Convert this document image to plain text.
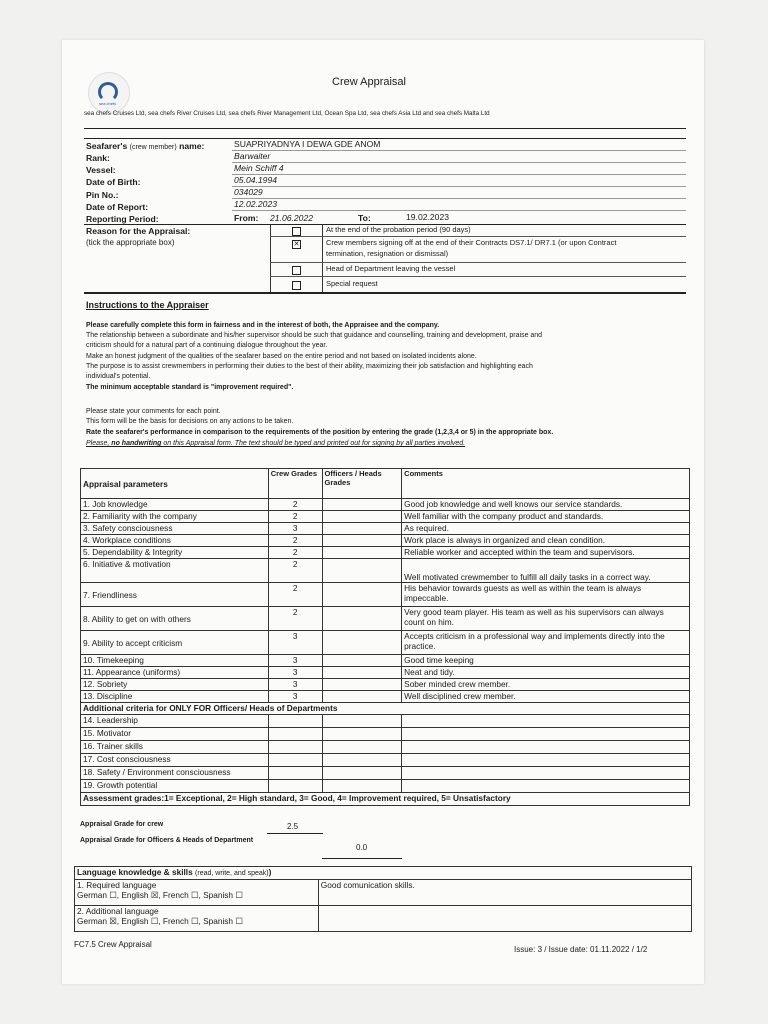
sea chefs
Crew Appraisal
sea chefs Cruises Ltd, sea chefs River Cruises Ltd, sea chefs River Management Ltd, Ocean Spa Ltd, sea chefs Asia Ltd and sea chefs Malta Ltd
Seafarer's (crew member) name:	SUAPRIYADNYA I DEWA GDE ANOM
Rank:	Barwaiter
Vessel:	Mein Schiff 4
Date of Birth:	05.04.1994
Pin No.:	034029
Date of Report:	12.02.2023
Reporting Period:	From: 21.06.2022	To:	19.02.2023
Reason for the Appraisal:
(tick the appropriate box)
At the end of the probation period (90 days)
✕	Crew members signing off at the end of their Contracts DS7.1/ DR7.1 (or upon Contract
termination, resignation or dismissal)
Head of Department leaving the vessel
Special request
Instructions to the Appraiser
Please carefully complete this form in fairness and in the interest of both, the Appraisee and the company.
The relationship between a subordinate and his/her supervisor should be such that guidance and counselling, training and development, praise and
criticism should for a natural part of a continuing dialogue throughout the year.
Make an honest judgment of the qualities of the seafarer based on the entire period and not based on isolated incidents alone.
The purpose is to assist crewmembers in performing their duties to the best of their ability, maximizing their job satisfaction and highlighting each
individual's potential.
The minimum acceptable standard is "improvement required".
Please state your comments for each point.
This form will be the basis for decisions on any actions to be taken.
Rate the seafarer's performance in comparison to the requirements of the position by entering the grade (1,2,3,4 or 5) in the appropriate box.
Please, no handwriting on this Appraisal form. The text should be typed and printed out for signing by all parties involved.
Appraisal parameters	Crew Grades	Officers / Heads Grades	Comments
1. Job knowledge	2		Good job knowledge and well knows our service standards.
2. Familiarity with the company	2		Well familiar with the company product and standards.
3. Safety consciousness	3		As required.
4. Workplace conditions	2		Work place is always in organized and clean condition.
5. Dependability & Integrity	2		Reliable worker and accepted within the team and supervisors.
6. Initiative & motivation	2		Well motivated crewmember to fulfill all daily tasks in a correct way.
7. Friendliness	2		His behavior towards guests as well as within the team is always
impeccable.

8. Ability to get on with others	2		Very good team player. His team as well as his supervisors can always
count on him.

9. Ability to accept criticism	3		Accepts criticism in a professional way and implements directly into the
practice.

10. Timekeeping	3		Good time keeping
11. Appearance (uniforms)	3		Neat and tidy.
12. Sobriety	3		Sober minded crew member.
13. Discipline	3		Well disciplined crew member.
Additional criteria for ONLY FOR Officers/ Heads of Departments			
14. Leadership			
15. Motivator			
16. Trainer skills			
17. Cost consciousness			
18. Safety / Environment consciousness			
19. Growth potential			
Assessment grades:1= Exceptional, 2= High standard, 3= Good, 4= Improvement required, 5= Unsatisfactory			
Appraisal Grade for crew	2.5
Appraisal Grade for Officers & Heads of Department
0.0
Language knowledge & skills (read, write, and speak))	

1. Required language
German ☐, English ☒, French ☐, Spanish ☐	Good comunication skills.

2. Additional language
German ☒, English ☐, French ☐, Spanish ☐	

FC7.5 Crew Appraisal
Issue: 3 / Issue date: 01.11.2022 / 1/2
